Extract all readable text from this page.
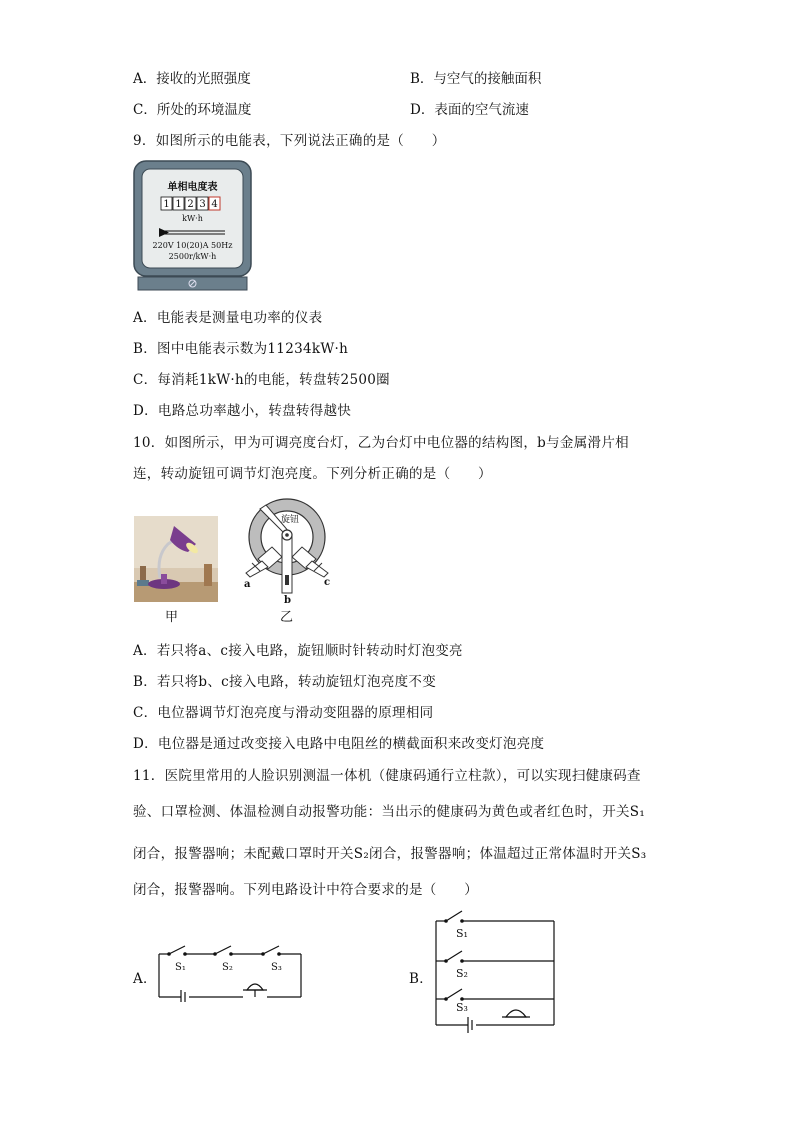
A．接收的光照强度	B．与空气的接触面积
C．所处的环境温度	D．表面的空气流速
9．如图所示的电能表，下列说法正确的是（　　）
单相电度表
1 1 2 3 4
kW·h
220V 10(20)A 50Hz
2500r/kW·h
A．电能表是测量电功率的仪表
B．图中电能表示数为11234kW·h
C．每消耗1kW·h的电能，转盘转2500圈
D．电路总功率越小，转盘转得越快
10．如图所示，甲为可调亮度台灯，乙为台灯中电位器的结构图，b与金属滑片相
连，转动旋钮可调节灯泡亮度。下列分析正确的是（　　）
甲
旋钮
a
b
c
乙
A．若只将a、c接入电路，旋钮顺时针转动时灯泡变亮
B．若只将b、c接入电路，转动旋钮灯泡亮度不变
C．电位器调节灯泡亮度与滑动变阻器的原理相同
D．电位器是通过改变接入电路中电阻丝的横截面积来改变灯泡亮度
11．医院里常用的人脸识别测温一体机（健康码通行立柱款），可以实现扫健康码查
验、口罩检测、体温检测自动报警功能：当出示的健康码为黄色或者红色时，开关S₁
闭合，报警器响；未配戴口罩时开关S₂闭合，报警器响；体温超过正常体温时开关S₃
闭合，报警器响。下列电路设计中符合要求的是（　　）
A．
S₁	S₂	S₃
B．
S₁
S₂
S₃
